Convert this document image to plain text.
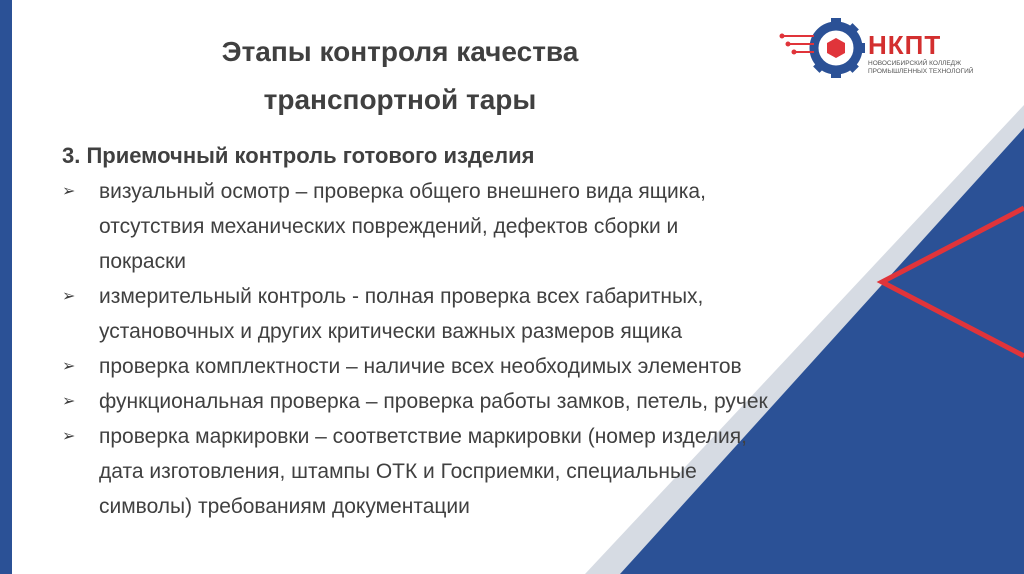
Этапы контроля качества
транспортной тары
НКПТ
НОВОСИБИРСКИЙ КОЛЛЕДЖ
ПРОМЫШЛЕННЫХ ТЕХНОЛОГИЙ
3. Приемочный контроль готового изделия
➢ визуальный осмотр – проверка общего внешнего вида ящика,
отсутствия механических повреждений, дефектов сборки и
покраски
➢ измерительный контроль - полная проверка всех габаритных,
установочных и других критически важных размеров ящика
➢ проверка комплектности – наличие всех необходимых элементов
➢ функциональная проверка – проверка работы замков, петель, ручек
➢ проверка маркировки – соответствие маркировки (номер изделия,
дата изготовления, штампы ОТК и Госприемки, специальные
символы) требованиям документации
